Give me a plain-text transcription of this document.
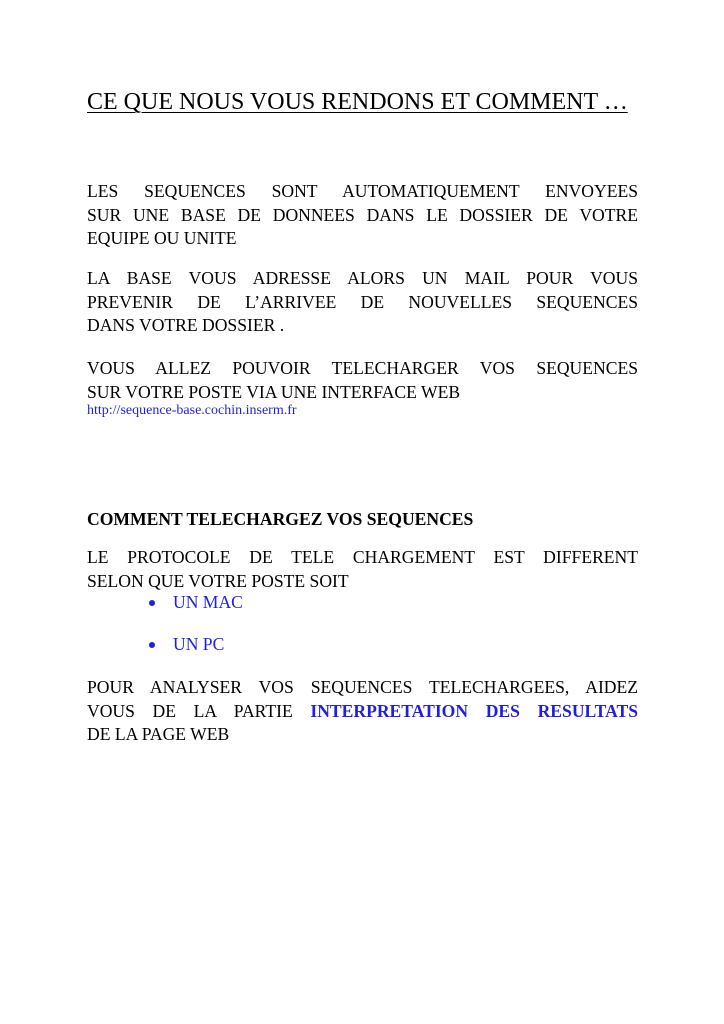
CE QUE NOUS VOUS RENDONS ET COMMENT …

LES SEQUENCES SONT AUTOMATIQUEMENT ENVOYEES
SUR UNE BASE DE DONNEES DANS LE DOSSIER DE VOTRE
EQUIPE OU UNITE

LA BASE VOUS ADRESSE ALORS UN MAIL POUR VOUS
PREVENIR DE L’ARRIVEE DE NOUVELLES SEQUENCES
DANS VOTRE DOSSIER .

VOUS ALLEZ POUVOIR TELECHARGER VOS SEQUENCES
SUR VOTRE POSTE VIA UNE INTERFACE WEB

http://sequence-base.cochin.inserm.fr
COMMENT TELECHARGEZ VOS SEQUENCES

LE PROTOCOLE DE TELE CHARGEMENT EST DIFFERENT
SELON QUE VOTRE POSTE SOIT

UN MAC
UN PC

POUR ANALYSER VOS SEQUENCES TELECHARGEES, AIDEZ
VOUS DE LA PARTIE INTERPRETATION DES RESULTATS
DE LA PAGE WEB
